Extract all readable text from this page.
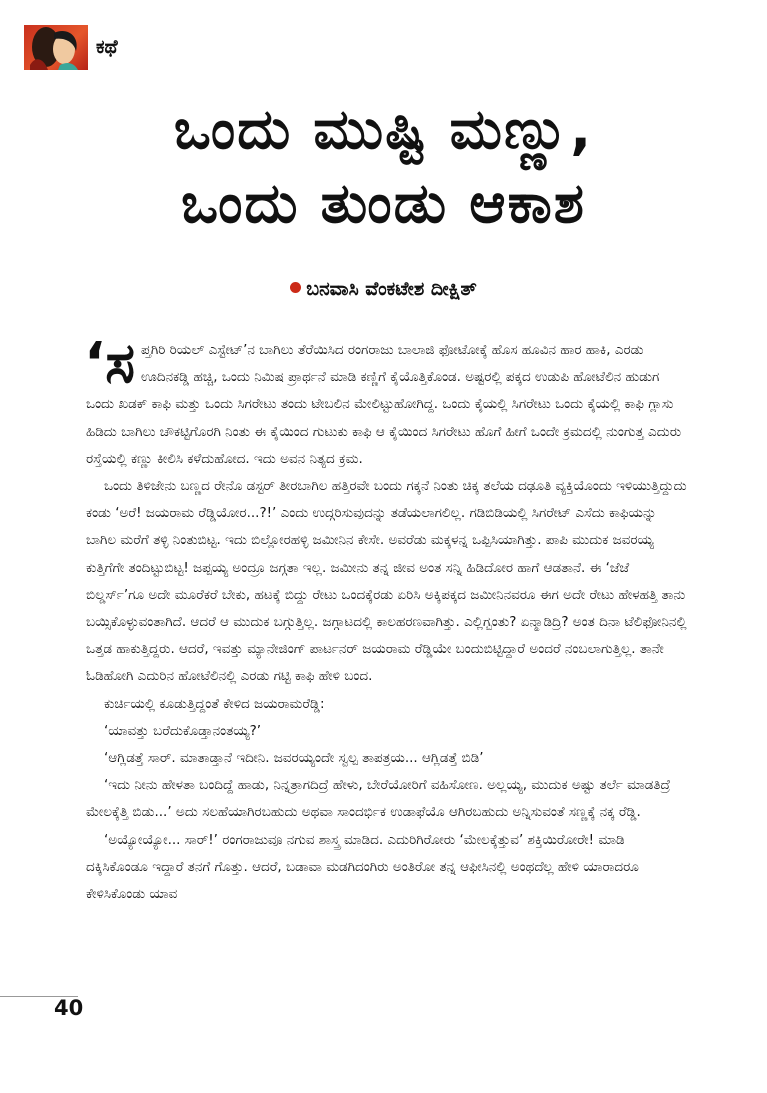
ಕಥೆ
ಒಂದು ಮುಷ್ಟಿ ಮಣ್ಣು,
ಒಂದು ತುಂಡು ಆಕಾಶ
ಬನವಾಸಿ ವೆಂಕಟೇಶ ದೀಕ್ಷಿತ್

‘ಸಪ್ತಗಿರಿ ರಿಯಲ್ ಎಸ್ಟೇಟ್’ನ ಬಾಗಿಲು ತೆರೆಯಿಸಿದ ರಂಗರಾಜು ಬಾಲಾಜಿ ಫೋಟೋಕ್ಕೆ ಹೊಸ ಹೂವಿನ ಹಾರ ಹಾಕಿ, ಎರಡು ಊದಿನಕಡ್ಡಿ ಹಚ್ಚಿ, ಒಂದು ನಿಮಿಷ ಪ್ರಾರ್ಥನೆ ಮಾಡಿ ಕಣ್ಣಿಗೆ ಕೈಯೊತ್ತಿಕೊಂಡ. ಅಷ್ಟರಲ್ಲಿ ಪಕ್ಕದ ಉಡುಪಿ ಹೋಟೆಲಿನ ಹುಡುಗ ಒಂದು ಖಡಕ್ ಕಾಫಿ ಮತ್ತು ಒಂದು ಸಿಗರೇಟು ತಂದು ಟೇಬಲಿನ ಮೇಲಿಟ್ಟುಹೋಗಿದ್ದ. ಒಂದು ಕೈಯಲ್ಲಿ ಸಿಗರೇಟು ಒಂದು ಕೈಯಲ್ಲಿ ಕಾಫಿ ಗ್ಲಾಸು ಹಿಡಿದು ಬಾಗಿಲು ಚೌಕಟ್ಟಿಗೊರಗಿ ನಿಂತು ಈ ಕೈಯಿಂದ ಗುಟುಕು ಕಾಫಿ ಆ ಕೈಯಿಂದ ಸಿಗರೇಟು ಹೊಗೆ ಹೀಗೆ ಒಂದೇ ಕ್ರಮದಲ್ಲಿ ನುಂಗುತ್ತ ಎದುರು ರಸ್ತೆಯಲ್ಲಿ ಕಣ್ಣು ಕೀಲಿಸಿ ಕಳೆದುಹೋದ. ಇದು ಅವನ ನಿತ್ಯದ ಕ್ರಮ.

ಒಂದು ತಿಳಿಜೇನು ಬಣ್ಣದ ರೇನೊ ಡಸ್ಟರ್ ತೀರಬಾಗಿಲ ಹತ್ತಿರವೇ ಬಂದು ಗಕ್ಕನೆ ನಿಂತು ಚಿಕ್ಕ ತಲೆಯ ದಢೂತಿ ವ್ಯಕ್ತಿಯೊಂದು ಇಳಿಯುತ್ತಿದ್ದುದು ಕಂಡು ‘ಅರೆ! ಜಯರಾಮ ರೆಡ್ಡಿಯೋರ...?!’ ಎಂದು ಉದ್ಗರಿಸುವುದನ್ನು ತಡೆಯಲಾಗಲಿಲ್ಲ. ಗಡಿಬಿಡಿಯಲ್ಲಿ ಸಿಗರೇಟ್ ಎಸೆದು ಕಾಫಿಯನ್ನು ಬಾಗಿಲ ಮರೆಗೆ ತಳ್ಳಿ ನಿಂತುಬಿಟ್ಟ. ಇದು ಬಿಲ್ಲೋರಹಳ್ಳಿ ಜಮೀನಿನ ಕೇಸೇ. ಅವರೆಡು ಮಕ್ಕಳನ್ನ ಒಪ್ಪಿಸಿಯಾಗಿತ್ತು. ಪಾಪಿ ಮುದುಕ ಜವರಯ್ಯ ಕುತ್ತಿಗೆಗೇ ತಂದಿಟ್ಟುಬಿಟ್ಟ! ಜಪ್ಪಯ್ಯ ಅಂದ್ರೂ ಜಗ್ಗತಾ ಇಲ್ಲ. ಜಮೀನು ತನ್ನ ಜೀವ ಅಂತ ಸನ್ನಿ ಹಿಡಿದೋರ ಹಾಗೆ ಆಡತಾನೆ. ಈ ‘ಜೆಜೆ ಬಿಲ್ಡರ್ಸ್’ಗೂ ಅದೇ ಮೂರೆಕರೆ ಬೇಕು, ಹಟಕ್ಕೆ ಬಿದ್ದು ರೇಟು ಒಂದಕ್ಕೆರಡು ಏರಿಸಿ ಅಕ್ಕಿಪಕ್ಕದ ಜಮೀನಿನವರೂ ಈಗ ಅದೇ ರೇಟು ಹೇಳಹತ್ತಿ ತಾನು ಬಯ್ಸಿಕೊಳ್ಳುವಂತಾಗಿದೆ. ಆದರೆ ಆ ಮುದುಕ ಬಗ್ಗುತ್ತಿಲ್ಲ. ಜಗ್ಗಾಟದಲ್ಲಿ ಕಾಲಹರಣವಾಗಿತ್ತು. ಎಲ್ಲಿಗ್ಬಂತು? ಏನ್ಮಾಡಿದ್ರಿ? ಅಂತ ದಿನಾ ಟೆಲಿಫೋನಿನಲ್ಲಿ ಒತ್ತಡ ಹಾಕುತ್ತಿದ್ದರು. ಆದರೆ, ಇವತ್ತು ಮ್ಯಾನೇಜಿಂಗ್ ಪಾರ್ಟನರ್ ಜಯರಾಮ ರೆಡ್ಡಿಯೇ ಬಂದುಬಿಟ್ಟಿದ್ದಾರೆ ಅಂದರೆ ನಂಬಲಾಗುತ್ತಿಲ್ಲ. ತಾನೇ ಓಡಿಹೋಗಿ ಎದುರಿನ ಹೋಟೆಲಿನಲ್ಲಿ ಎರಡು ಗಟ್ಟಿ ಕಾಫಿ ಹೇಳಿ ಬಂದ.

ಕುರ್ಚಿಯಲ್ಲಿ ಕೂಡುತ್ತಿದ್ದಂತೆ ಕೇಳಿದ ಜಯರಾಮರೆಡ್ಡಿ:

‘ಯಾವತ್ತು ಬರೆದುಕೊಡ್ತಾನಂತಯ್ಯ?’

‘ಆಗ್ಲಿಡತ್ತೆ ಸಾರ್. ಮಾತಾಡ್ತಾನೆ ಇದೀನಿ. ಜವರಯ್ಯಂದೇ ಸ್ವಲ್ಪ ತಾಪತ್ರಯ... ಆಗ್ಲಿಡತ್ತೆ ಬಿಡಿ’

‘ಇದು ನೀನು ಹೇಳತಾ ಬಂದಿದ್ದೆ ಹಾಡು, ನಿನ್ನತ್ರಾಗದಿದ್ರೆ ಹೇಳು, ಬೇರೆಯೋರಿಗೆ ವಹಿಸೋಣ. ಅಲ್ಲಯ್ಯ, ಮುದುಕ ಅಷ್ಟು ತರ್ಲೆ ಮಾಡತಿದ್ರೆ ಮೇಲಕ್ಕೆತ್ತಿ ಬಿಡು...’ ಅದು ಸಲಹೆಯಾಗಿರಬಹುದು ಅಥವಾ ಸಾಂದರ್ಭಿಕ ಉಡಾಫೆಯೊ ಆಗಿರಬಹುದು ಅನ್ನಿಸುವಂತೆ ಸಣ್ಣಕ್ಕೆ ನಕ್ಕ ರೆಡ್ಡಿ.

‘ಅಯ್ಯೋಯ್ಯೋ... ಸಾರ್!’ ರಂಗರಾಜುವೂ ನಗುವ ಶಾಸ್ತ್ರ ಮಾಡಿದ. ಎದುರಿಗಿರೋರು ‘ಮೇಲಕ್ಕೆತ್ತುವ’ ಶಕ್ತಿಯಿರೋರೇ! ಮಾಡಿ ದಕ್ಕಿಸಿಕೊಂಡೂ ಇದ್ದಾರೆ ತನಗೆ ಗೊತ್ತು. ಆದರೆ, ಬಡಾವಾ ಮಡಗಿದಂಗಿರು ಅಂತಿರೋ ತನ್ನ ಆಫೀಸಿನಲ್ಲಿ ಅಂಥದೆಲ್ಲ ಹೇಳಿ ಯಾರಾದರೂ ಕೇಳಿಸಿಕೊಂಡು ಯಾವ

40
